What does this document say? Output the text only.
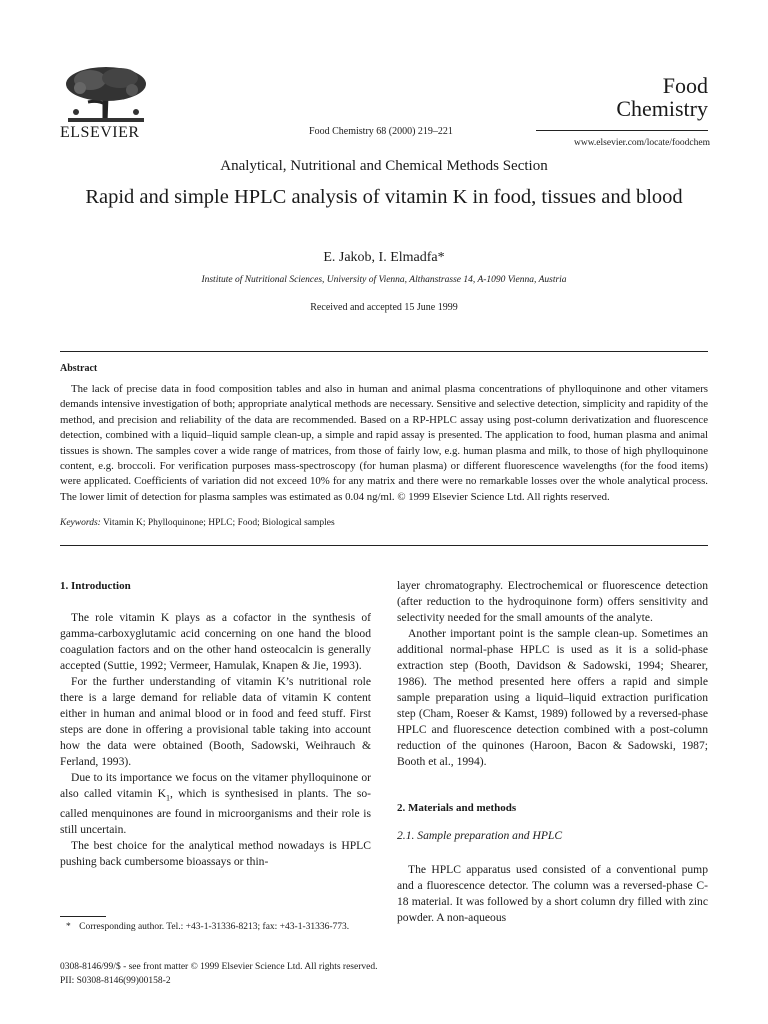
ELSEVIER	Food Chemistry 68 (2000) 219–221
Food
Chemistry
www.elsevier.com/locate/foodchem
Analytical, Nutritional and Chemical Methods Section
Rapid and simple HPLC analysis of vitamin K in food, tissues and blood
E. Jakob, I. Elmadfa*
Institute of Nutritional Sciences, University of Vienna, Althanstrasse 14, A-1090 Vienna, Austria
Received and accepted 15 June 1999
Abstract
The lack of precise data in food composition tables and also in human and animal plasma concentrations of phylloquinone and other vitamers demands intensive investigation of both; appropriate analytical methods are necessary. Sensitive and selective detection, simplicity and rapidity of the method, and precision and reliability of the data are recommended. Based on a RP-HPLC assay using post-column derivatization and fluorescence detection, combined with a liquid–liquid sample clean-up, a simple and rapid assay is presented. The application to food, human plasma and animal tissues is shown. The samples cover a wide range of matrices, from those of fairly low, e.g. human plasma and milk, to those of high phylloquinone content, e.g. broccoli. For verification purposes mass-spectroscopy (for human plasma) or different fluorescence wavelengths (for the food items) were applicated. Coefficients of variation did not exceed 10% for any matrix and there were no remarkable losses over the whole analytical process. The lower limit of detection for plasma samples was estimated as 0.04 ng/ml. © 1999 Elsevier Science Ltd. All rights reserved.
Keywords: Vitamin K; Phylloquinone; HPLC; Food; Biological samples

1. Introduction

The role vitamin K plays as a cofactor in the synthesis of gamma-carboxyglutamic acid concerning on one hand the blood coagulation factors and on the other hand osteocalcin is generally accepted (Suttie, 1992; Vermeer, Hamulak, Knapen & Jie, 1993).

For the further understanding of vitamin K’s nutritional role there is a large demand for reliable data of vitamin K content either in human and animal blood or in food and feed stuff. First steps are done in offering a provisional table taking into account how the data were obtained (Booth, Sadowski, Weihrauch & Ferland, 1993).

Due to its importance we focus on the vitamer phylloquinone or also called vitamin $K_1$, which is synthesised in plants. The so-called menquinones are found in microorganisms and their role is still uncertain.

The best choice for the analytical method nowadays is HPLC pushing back cumbersome bioassays or thin-

layer chromatography. Electrochemical or fluorescence detection (after reduction to the hydroquinone form) offers sensitivity and selectivity needed for the small amounts of the analyte.

Another important point is the sample clean-up. Sometimes an additional normal-phase HPLC is used as it is a solid-phase extraction step (Booth, Davidson & Sadowski, 1994; Shearer, 1986). The method presented here offers a rapid and simple sample preparation using a liquid–liquid extraction purification step (Cham, Roeser & Kamst, 1989) followed by a reversed-phase HPLC and fluorescence detection combined with a post-column reduction of the quinones (Haroon, Bacon & Sadowski, 1987; Booth et al., 1994).

2. Materials and methods

2.1. Sample preparation and HPLC

The HPLC apparatus used consisted of a conventional pump and a fluorescence detector. The column was a reversed-phase C-18 material. It was followed by a short column dry filled with zinc powder. A non-aqueous

* Corresponding author. Tel.: +43-1-31336-8213; fax: +43-1-31336-773.
0308-8146/99/$ - see front matter © 1999 Elsevier Science Ltd. All rights reserved.
PII: S0308-8146(99)00158-2
